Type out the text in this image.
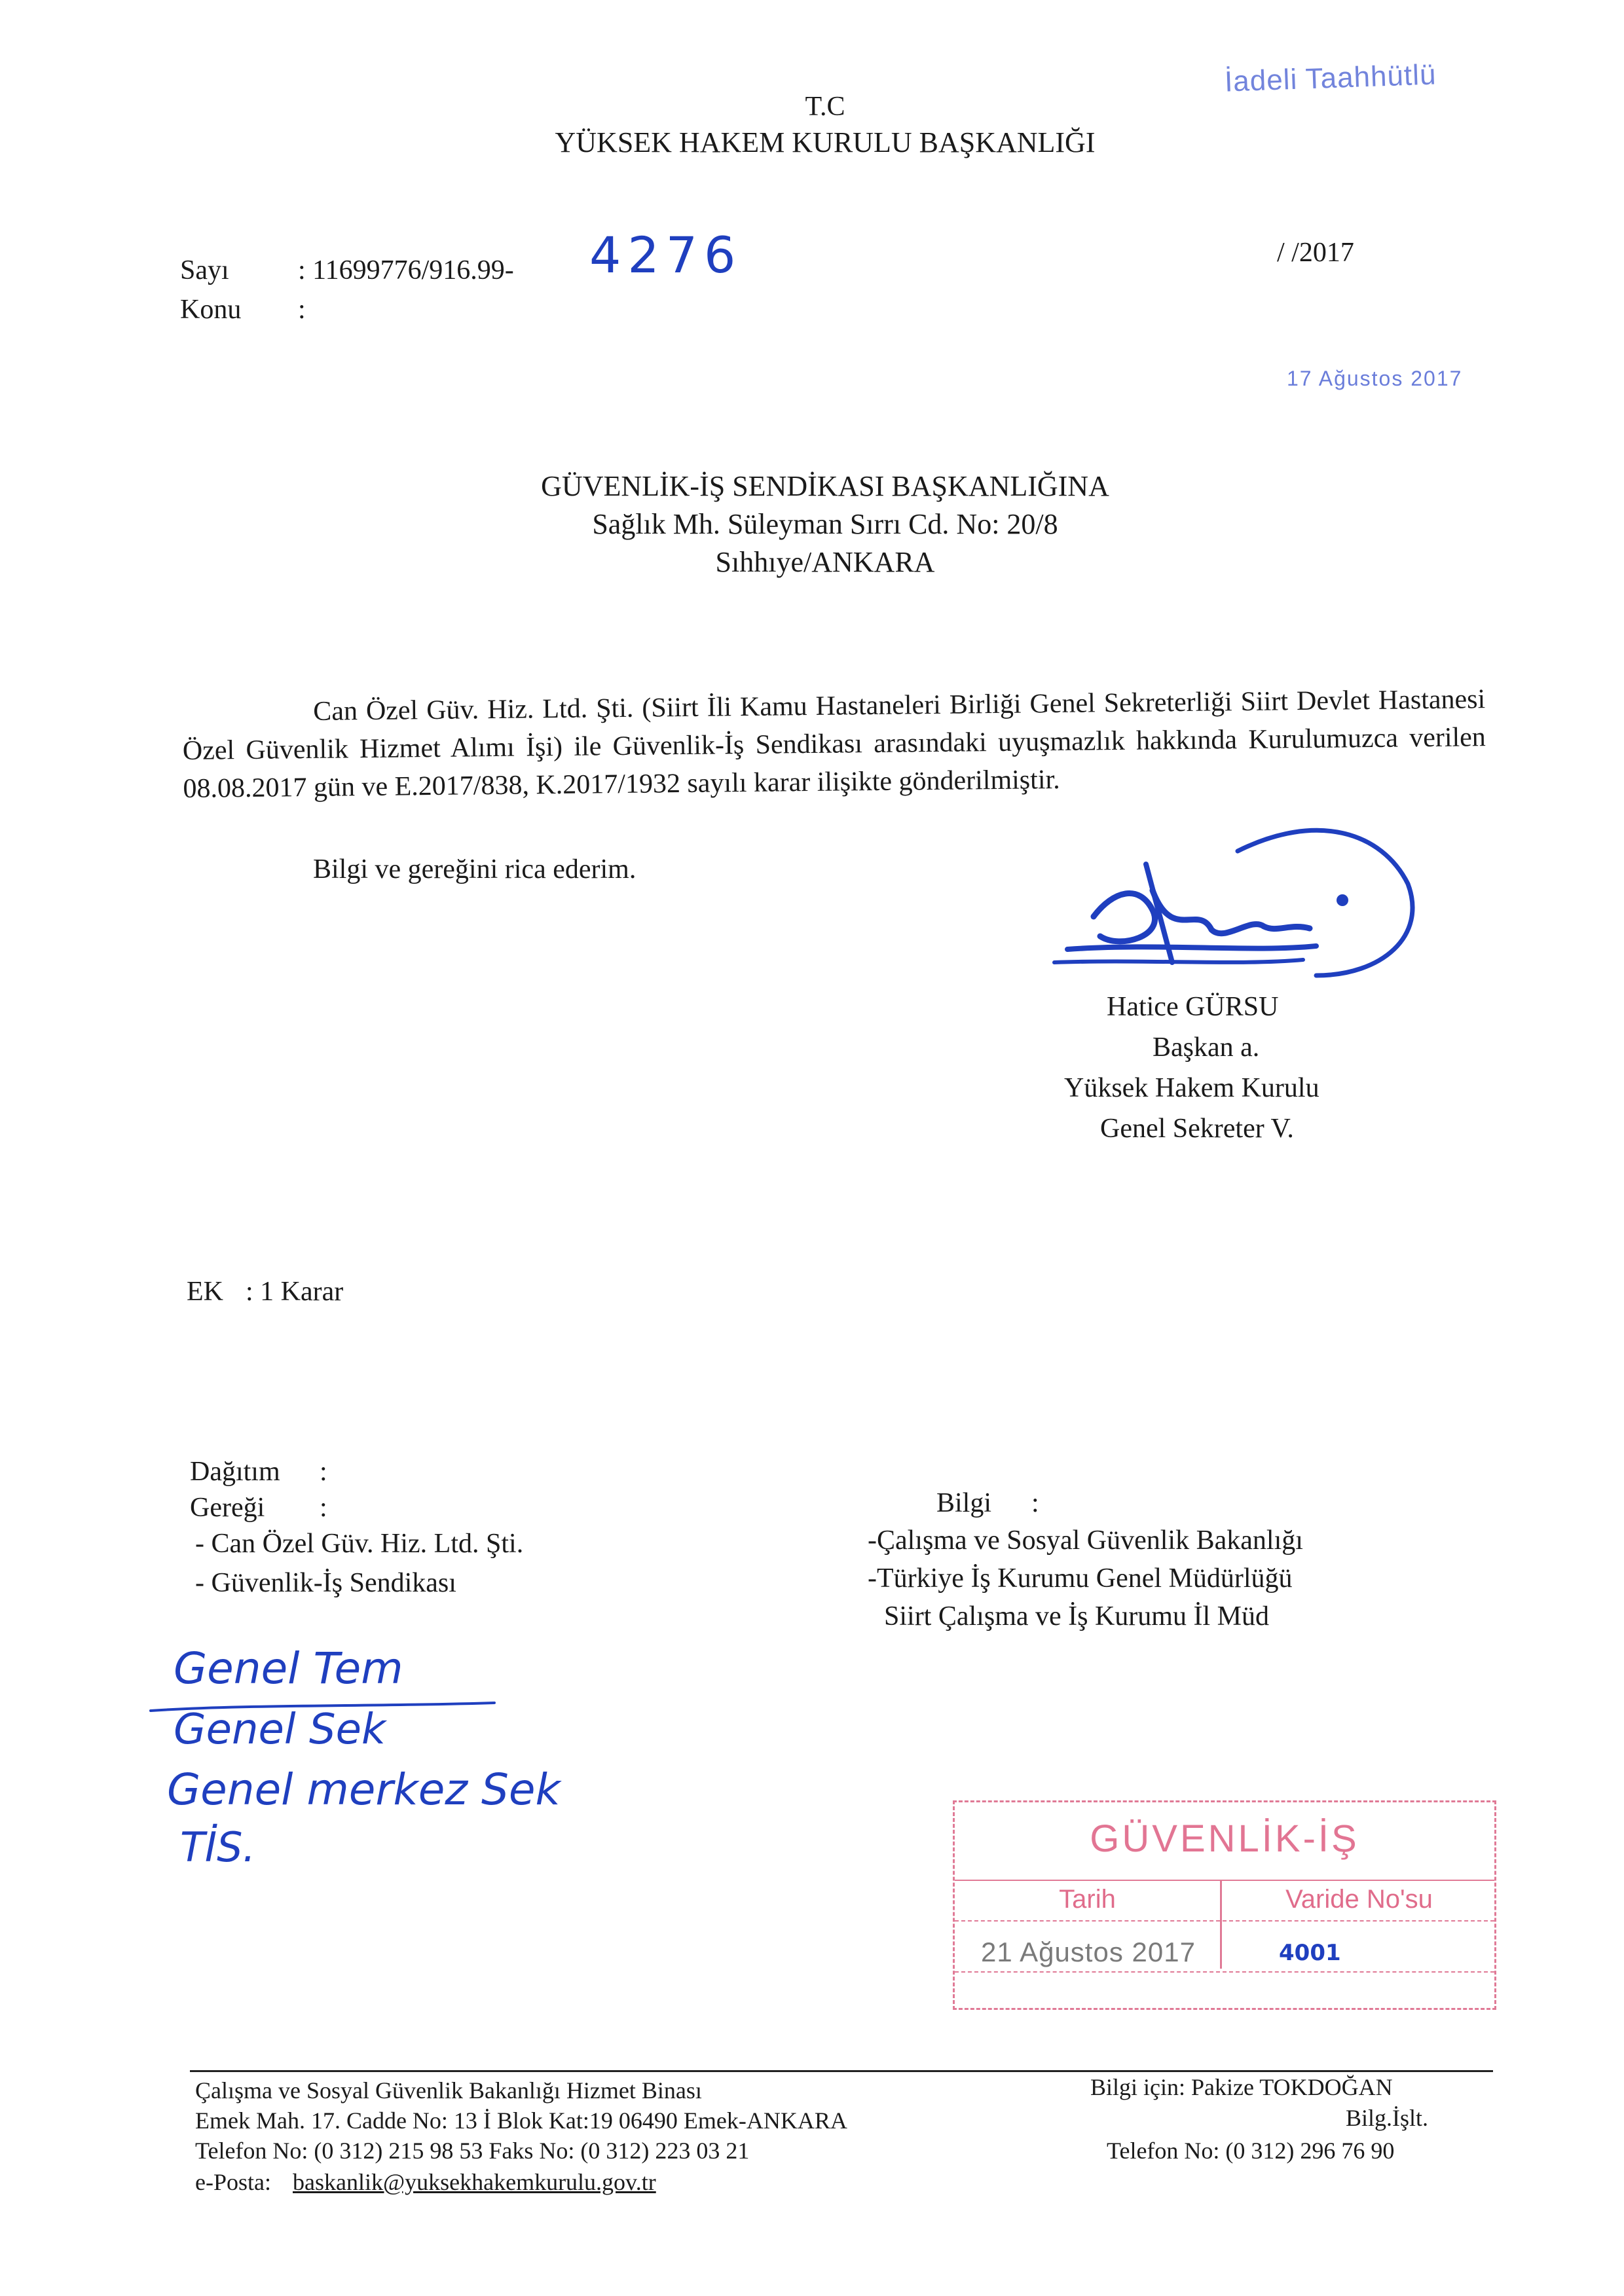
İadeli Taahhütlü
T.C
YÜKSEK HAKEM KURULU BAŞKANLIĞI
Sayı	: 11699776/916.99- 4276	/ /2017
Konu :
17 Ağustos 2017
GÜVENLİK-İŞ SENDİKASI BAŞKANLIĞINA
Sağlık Mh. Süleyman Sırrı Cd. No: 20/8
Sıhhıye/ANKARA
Can Özel Güv. Hiz. Ltd. Şti. (Siirt İli Kamu Hastaneleri Birliği Genel Sekreterliği Siirt Devlet Hastanesi Özel Güvenlik Hizmet Alımı İşi) ile Güvenlik-İş Sendikası arasındaki uyuşmazlık hakkında Kurulumuzca verilen 08.08.2017 gün ve E.2017/838, K.2017/1932 sayılı karar ilişikte gönderilmiştir.
Bilgi ve gereğini rica ederim.
Hatice GÜRSU
Başkan a.
Yüksek Hakem Kurulu
Genel Sekreter V.
EK : 1 Karar
Dağıtım :
Gereği :
- Can Özel Güv. Hiz. Ltd. Şti.
- Güvenlik-İş Sendikası
Bilgi :
-Çalışma ve Sosyal Güvenlik Bakanlığı
-Türkiye İş Kurumu Genel Müdürlüğü
Siirt Çalışma ve İş Kurumu İl Müd
Genel Tem
Genel Sek
Genel merkez Sek
TİS.	GÜVENLİK-İŞ
Tarih	Varide No'su
21 Ağustos 2017	4001
Çalışma ve Sosyal Güvenlik Bakanlığı Hizmet Binası
Emek Mah. 17. Cadde No: 13 İ Blok Kat:19 06490 Emek-ANKARA
Telefon No: (0 312) 215 98 53 Faks No: (0 312) 223 03 21
e-Posta: baskanlik@yuksekhakemkurulu.gov.tr
Bilgi için: Pakize TOKDOĞAN
Bilg.İşlt.
Telefon No: (0 312) 296 76 90
